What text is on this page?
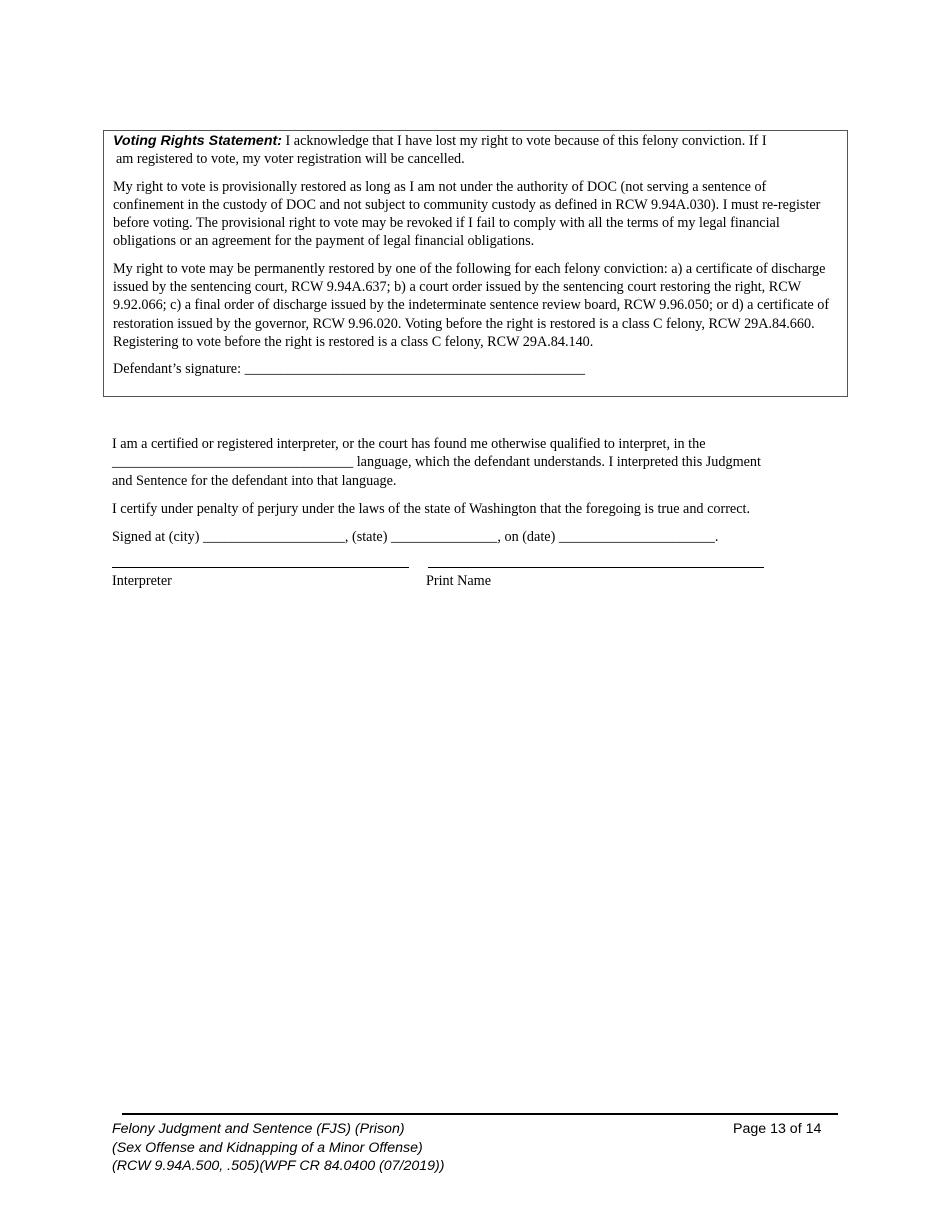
Voting Rights Statement: I acknowledge that I have lost my right to vote because of this felony conviction. If I
am registered to vote, my voter registration will be cancelled.

My right to vote is provisionally restored as long as I am not under the authority of DOC (not serving a sentence of confinement in the custody of DOC and not subject to community custody as defined in RCW 9.94A.030). I must re-register before voting. The provisional right to vote may be revoked if I fail to comply with all the terms of my legal financial obligations or an agreement for the payment of legal financial obligations.

My right to vote may be permanently restored by one of the following for each felony conviction: a) a certificate of discharge issued by the sentencing court, RCW 9.94A.637; b) a court order issued by the sentencing court restoring the right, RCW 9.92.066; c) a final order of discharge issued by the indeterminate sentence review board, RCW 9.96.050; or d) a certificate of restoration issued by the governor, RCW 9.96.020. Voting before the right is restored is a class C felony, RCW 29A.84.660. Registering to vote before the right is restored is a class C felony, RCW 29A.84.140.

Defendant’s signature: ________________________________________________

I am a certified or registered interpreter, or the court has found me otherwise qualified to interpret, in the
__________________________________ language, which the defendant understands. I interpreted this Judgment
and Sentence for the defendant into that language.

I certify under penalty of perjury under the laws of the state of Washington that the foregoing is true and correct.

Signed at (city) ____________________, (state) _______________, on (date) ______________________.

Interpreter	Print Name
Felony Judgment and Sentence (FJS) (Prison)
(Sex Offense and Kidnapping of a Minor Offense)
(RCW 9.94A.500, .505)(WPF CR 84.0400 (07/2019))
Page 13 of 14
